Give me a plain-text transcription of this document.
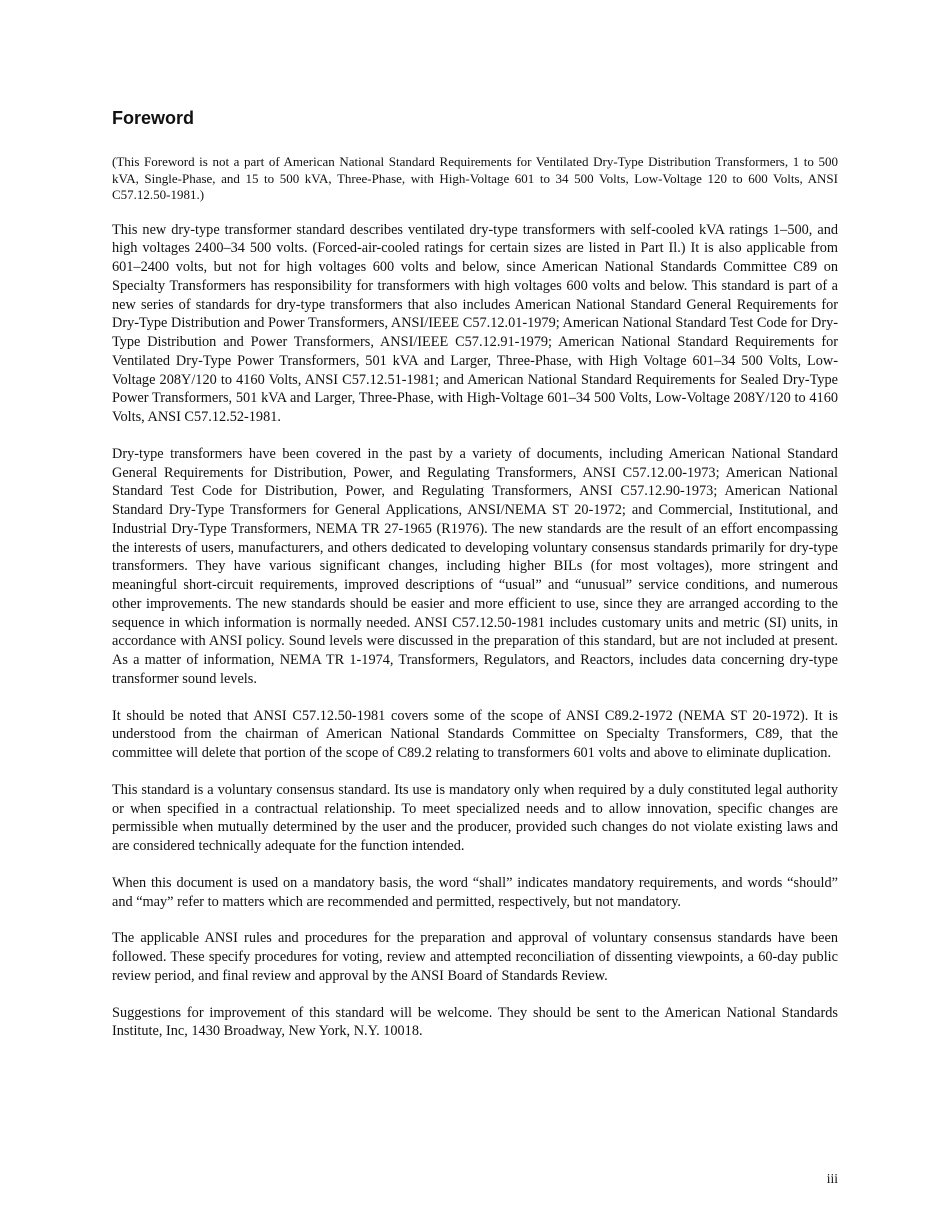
Foreword

(This Foreword is not a part of American National Standard Requirements for Ventilated Dry-Type Distribution Transformers, 1 to 500 kVA, Single-Phase, and 15 to 500 kVA, Three-Phase, with High-Voltage 601 to 34 500 Volts, Low-Voltage 120 to 600 Volts, ANSI C57.12.50-1981.)

This new dry-type transformer standard describes ventilated dry-type transformers with self-cooled kVA ratings 1–500, and high voltages 2400–34 500 volts. (Forced-air-cooled ratings for certain sizes are listed in Part Il.) It is also applicable from 601–2400 volts, but not for high voltages 600 volts and below, since American National Standards Committee C89 on Specialty Transformers has responsibility for transformers with high voltages 600 volts and below. This standard is part of a new series of standards for dry-type transformers that also includes American National Standard General Requirements for Dry-Type Distribution and Power Transformers, ANSI/IEEE C57.12.01-1979; American National Standard Test Code for Dry-Type Distribution and Power Transformers, ANSI/IEEE C57.12.91-1979; American National Standard Requirements for Ventilated Dry-Type Power Transformers, 501 kVA and Larger, Three-Phase, with High Voltage 601–34 500 Volts, Low-Voltage 208Y/120 to 4160 Volts, ANSI C57.12.51-1981; and American National Standard Requirements for Sealed Dry-Type Power Transformers, 501 kVA and Larger, Three-Phase, with High-Voltage 601–34 500 Volts, Low-Voltage 208Y/120 to 4160 Volts, ANSI C57.12.52-1981.

Dry-type transformers have been covered in the past by a variety of documents, including American National Standard General Requirements for Distribution, Power, and Regulating Transformers, ANSI C57.12.00-1973; American National Standard Test Code for Distribution, Power, and Regulating Transformers, ANSI C57.12.90-1973; American National Standard Dry-Type Transformers for General Applications, ANSI/NEMA ST 20-1972; and Commercial, Institutional, and Industrial Dry-Type Transformers, NEMA TR 27-1965 (R1976). The new standards are the result of an effort encompassing the interests of users, manufacturers, and others dedicated to developing voluntary consensus standards primarily for dry-type transformers. They have various significant changes, including higher BILs (for most voltages), more stringent and meaningful short-circuit requirements, improved descriptions of “usual” and “unusual” service conditions, and numerous other improvements. The new standards should be easier and more efficient to use, since they are arranged according to the sequence in which information is normally needed. ANSI C57.12.50-1981 includes customary units and metric (SI) units, in accordance with ANSI policy. Sound levels were discussed in the preparation of this standard, but are not included at present. As a matter of information, NEMA TR 1-1974, Transformers, Regulators, and Reactors, includes data concerning dry-type transformer sound levels.

It should be noted that ANSI C57.12.50-1981 covers some of the scope of ANSI C89.2-1972 (NEMA ST 20-1972). It is understood from the chairman of American National Standards Committee on Specialty Transformers, C89, that the committee will delete that portion of the scope of C89.2 relating to transformers 601 volts and above to eliminate duplication.

This standard is a voluntary consensus standard. Its use is mandatory only when required by a duly constituted legal authority or when specified in a contractual relationship. To meet specialized needs and to allow innovation, specific changes are permissible when mutually determined by the user and the producer, provided such changes do not violate existing laws and are considered technically adequate for the function intended.

When this document is used on a mandatory basis, the word “shall” indicates mandatory requirements, and words “should” and “may” refer to matters which are recommended and permitted, respectively, but not mandatory.

The applicable ANSI rules and procedures for the preparation and approval of voluntary consensus standards have been followed. These specify procedures for voting, review and attempted reconciliation of dissenting viewpoints, a 60-day public review period, and final review and approval by the ANSI Board of Standards Review.

Suggestions for improvement of this standard will be welcome. They should be sent to the American National Standards Institute, Inc, 1430 Broadway, New York, N.Y. 10018.

iii
